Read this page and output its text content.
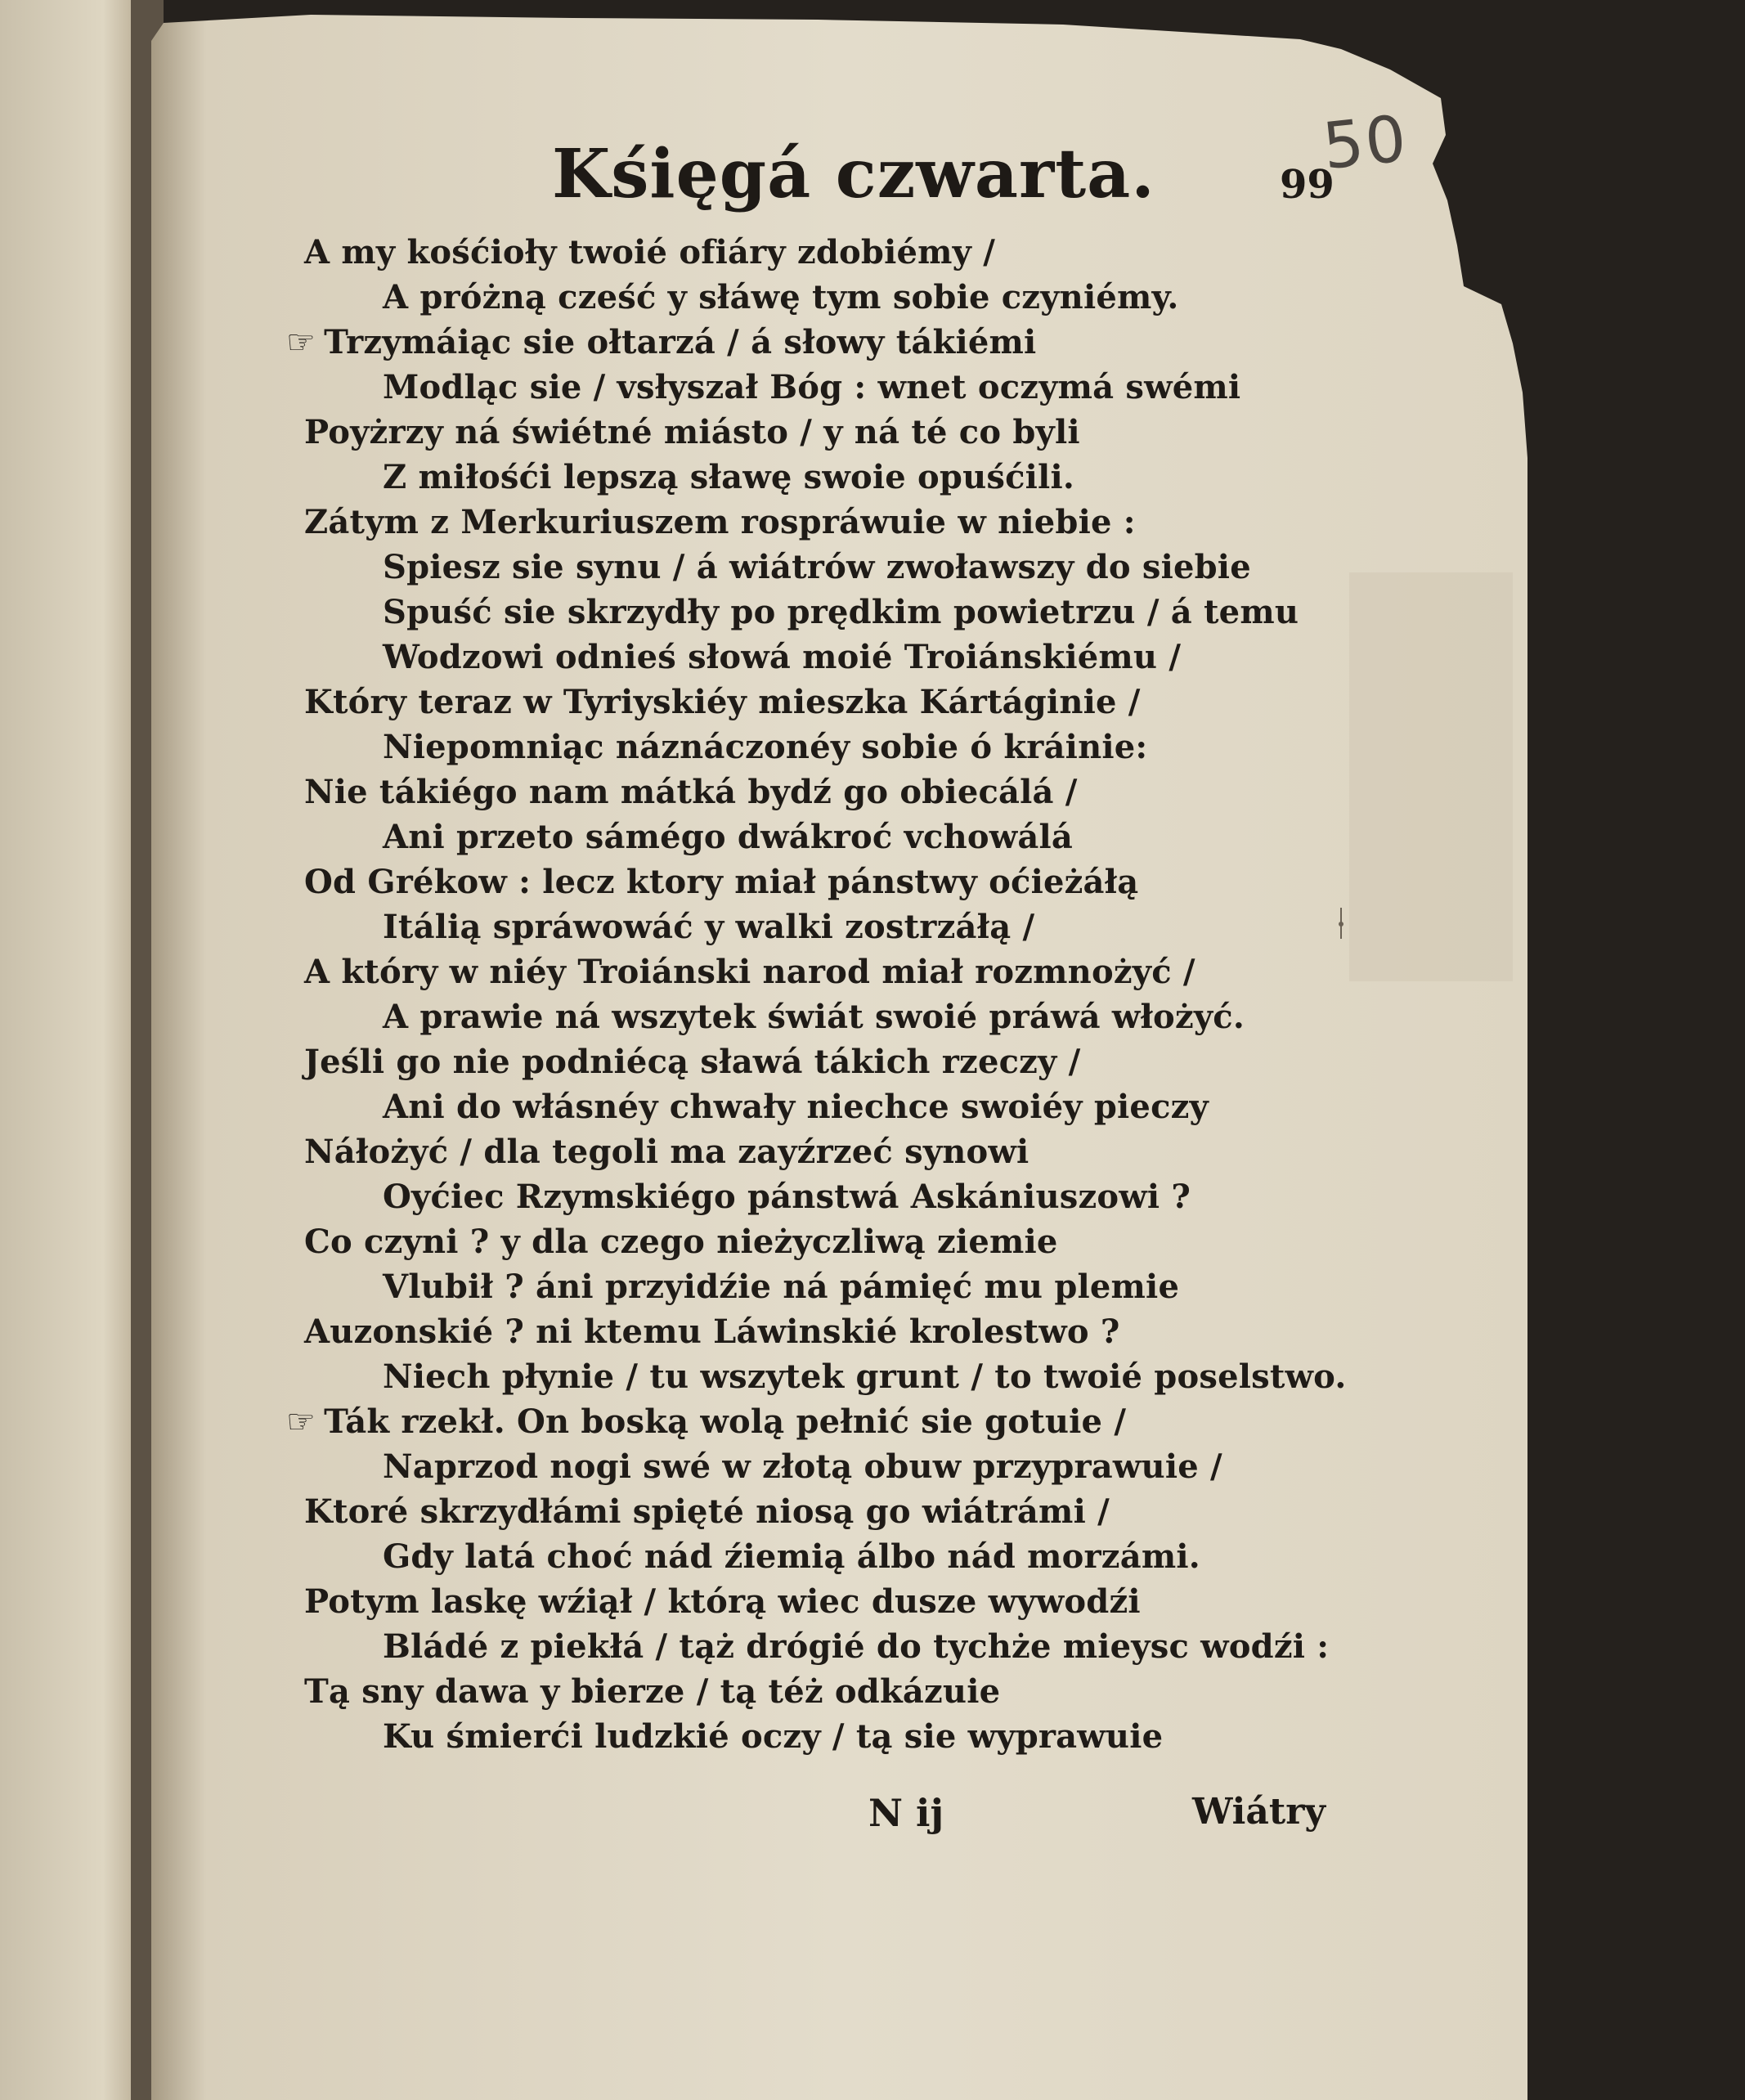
50
Kśięgá czwarta.	99
A my kośćioły twoié ofiáry zdobiémy /
A próżną cześć y słáwę tym sobie czyniémy.
☞ Trzymáiąc sie ołtarzá / á słowy tákiémi
Modląc sie / vsłyszał Bóg : wnet oczymá swémi
Poyżrzy ná świétné miásto / y ná té co byli
Z miłośći lepszą sławę swoie opuśćili.
Zátym z Merkuriuszem rospráwuie w niebie :
Spiesz sie synu / á wiátrów zwoławszy do siebie
Spuść sie skrzydły po prędkim powietrzu / á temu
Wodzowi odnieś słowá moié Troiánskiému /
Który teraz w Tyriyskiéy mieszka Kártáginie /
Niepomniąc náznáczonéy sobie ó kráinie:
Nie tákiégo nam mátká bydź go obiecálá /
Ani przeto sámégo dwákroć vchowálá
Od Grékow : lecz ktory miał pánstwy oćieżáłą
Itálią spráwowáć y walki zostrzáłą /
A który w niéy Troiánski narod miał rozmnożyć /
A prawie ná wszytek świát swoié práwá włożyć.
Jeśli go nie podniécą sławá tákich rzeczy /
Ani do włásnéy chwały niechce swoiéy pieczy
Náłożyć / dla tegoli ma zayźrzeć synowi
Oyćiec Rzymskiégo pánstwá Askániuszowi ?
Co czyni ? y dla czego nieżyczliwą ziemie
Vlubił ? áni przyidźie ná pámięć mu plemie
Auzonskié ? ni ktemu Láwinskié krolestwo ?
Niech płynie / tu wszytek grunt / to twoié poselstwo.
☞ Ták rzekł. On boską wolą pełnić sie gotuie /
Naprzod nogi swé w złotą obuw przyprawuie /
Ktoré skrzydłámi spięté niosą go wiátrámi /
Gdy latá choć nád źiemią álbo nád morzámi.
Potym laskę wźiął / którą wiec dusze wywodźi
Bládé z piekłá / tąż drógié do tychże mieysc wodźi :
Tą sny dawa y bierze / tą téż odkázuie
Ku śmierći ludzkié oczy / tą sie wyprawuie
N ij	Wiátry
